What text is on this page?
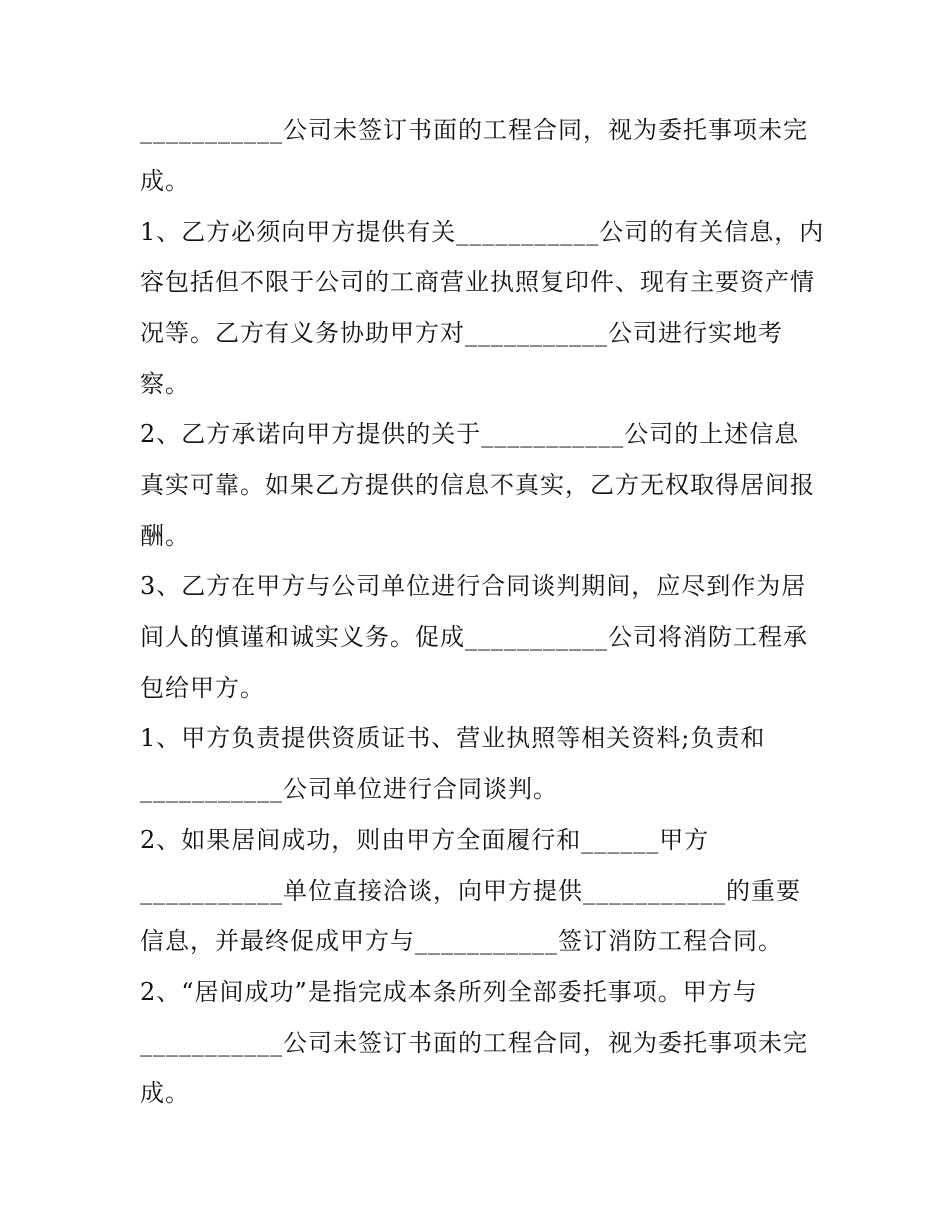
___________公司未签订书面的工程合同，视为委托事项未完
成。
1、乙方必须向甲方提供有关___________公司的有关信息，内
容包括但不限于公司的工商营业执照复印件、现有主要资产情
况等。乙方有义务协助甲方对___________公司进行实地考
察。
2、乙方承诺向甲方提供的关于___________公司的上述信息
真实可靠。如果乙方提供的信息不真实，乙方无权取得居间报
酬。
3、乙方在甲方与公司单位进行合同谈判期间，应尽到作为居
间人的慎谨和诚实义务。促成___________公司将消防工程承
包给甲方。
1、甲方负责提供资质证书、营业执照等相关资料;负责和
___________公司单位进行合同谈判。
2、如果居间成功，则由甲方全面履行和______甲方
___________单位直接洽谈，向甲方提供___________的重要
信息，并最终促成甲方与___________签订消防工程合同。
2、“居间成功”是指完成本条所列全部委托事项。甲方与
___________公司未签订书面的工程合同，视为委托事项未完
成。
